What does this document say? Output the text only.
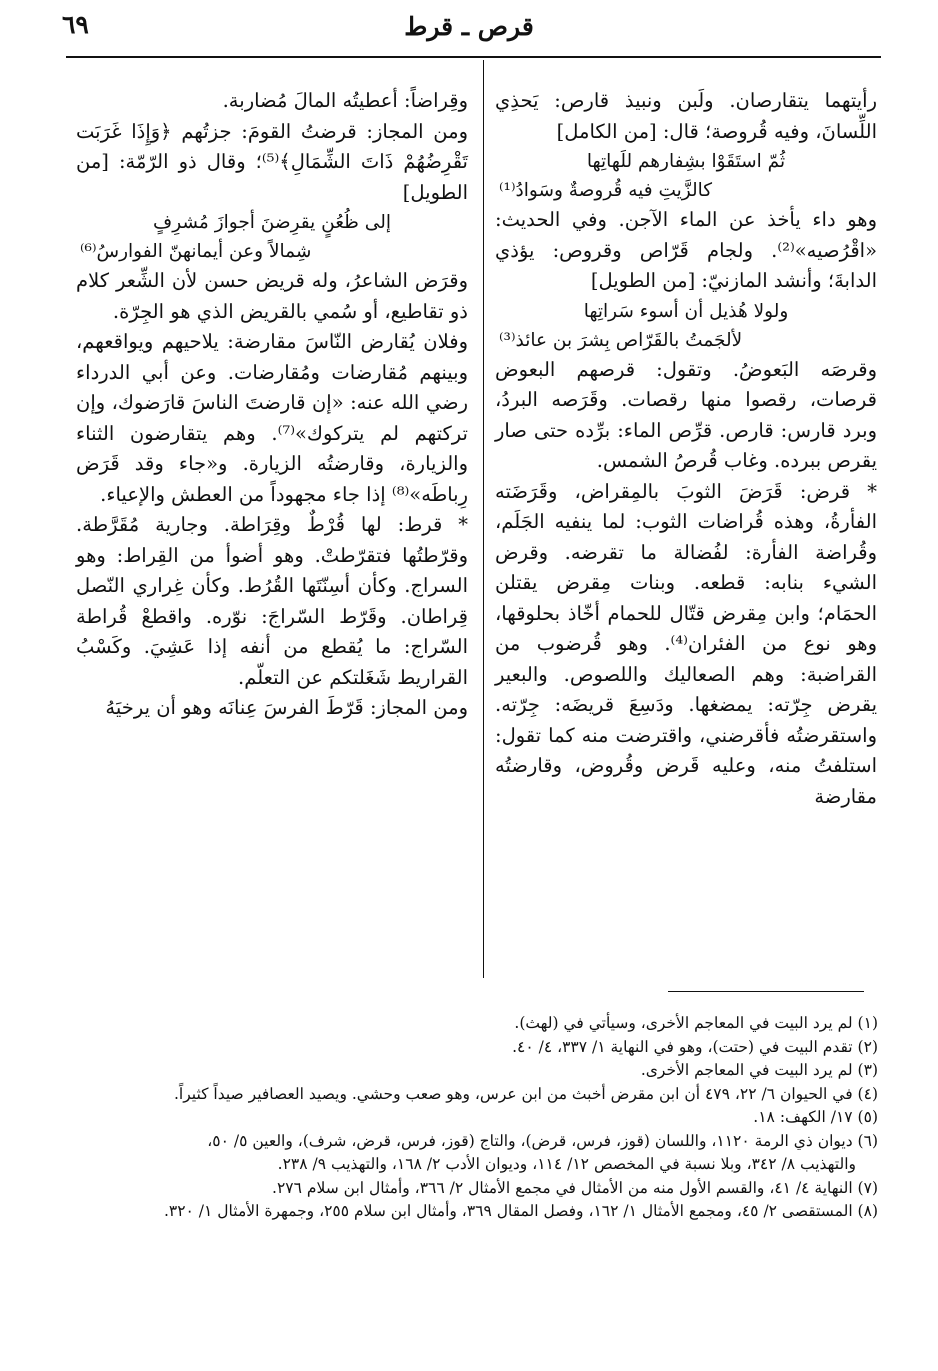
قرص ـ قرط
٦٩

رأيتهما يتقارصان. ولَبن ونبيذ قارص: يَحذِي اللِّسانَ، وفيه قُروصة؛ قال: [من الكامل]

ثُمّ استَقَوْا بشِفارهم للَهاتِها

كالزَّيتِ فيه قُروصةٌ وسَوادُ⁽¹⁾

وهو داء يأخذ عن الماء الآجن. وفي الحديث: «اقْرُصيه»⁽²⁾. ولجام قَرّاص وقروص: يؤذي الدابةَ؛ وأنشد المازنيّ: [من الطويل]

ولولا هُذيل أن أسوء سَراتِها

لألجَمتُ بالقَرّاص بِشرَ بن عائذ⁽³⁾

وقرصَه البَعوضُ. وتقول: قرصهم البعوض قرصات، رقصوا منها رقصات. وقَرَصه البردُ، وبرد قارس: قارص. قرِّص الماء: برِّده حتى صار يقرص ببرده. وغاب قُرصُ الشمس.

* قرض: قَرَضَ الثوبَ بالمِقراض، وقَرَضَته الفأرةُ، وهذه قُراضات الثوب: لما ينفيه الجَلَم، وقُراضة الفأرة: لفُضالة ما تقرضه. وقرض الشيء بنابه: قطعه. وبنات مِقرض يقتلن الحمَام؛ وابن مِقرض قتّال للحمام أخّاذ بحلوقها، وهو نوع من الفئران⁽⁴⁾. وهو قُرضوب من القراضبة: وهم الصعاليك واللصوص. والبعير يقرض جِرّته: يمضغها. ودَسِعَ قريضَه: جِرّته. واستقرضتُه فأقرضني، واقترضت منه كما تقول: استلفتُ منه، وعليه قَرض وقُروض، وقارضتُه مقارضة

وقِراضاً: أعطيتُه المالَ مُضاربة.

ومن المجاز: قرضتُ القومَ: جزتُهم ﴿وَإِذَا غَرَبَت تَقْرِضُهُمْ ذَاتَ الشِّمَالِ﴾⁽⁵⁾؛ وقال ذو الرّمّة: [من الطويل]

إلى ظُعُنٍ يقرِضنَ أجوازَ مُشرِفٍ

شِمالاً وعن أيمانهنّ الفوارسُ⁽⁶⁾

وقرَض الشاعرُ، وله قريض حسن لأن الشِّعر كلام ذو تقاطيع، أو سُمي بالقريض الذي هو الجِرّة.

وفلان يُقارض النّاسَ مقارضة: يلاحيهم ويواقعهم، وبينهم مُقارضات ومُقارضات. وعن أبي الدرداء رضي الله عنه: «إن قارضتَ الناسَ قارَضوك، وإن تركتهم لم يتركوك»⁽⁷⁾. وهم يتقارضون الثناء والزيارة، وقارضتُه الزيارة. و«جاء وقد قَرَض رِباطَه»⁽⁸⁾ إذا جاء مجهوداً من العطش والإعياء.

* قرط: لها قُرْطٌ وقِرَاطة. وجارية مُقَرَّطة. وقرّطتُها فتقرّطتْ. وهو أضوأ من القِراط: وهو السراج. وكأن أسِنّتَها القُرُط. وكأن غِراري النّصل قِراطان. وقَرّط السّراجَ: نوّره. واقطعْ قُراطة السّراج: ما يُقطع من أنفه إذا عَشِيَ. وكَسْبُ القراريط شَغَلتكم عن التعلّم.

ومن المجاز: قَرّطَ الفرسَ عِنانَه وهو أن يرخيَهُ

(١) لم يرد البيت في المعاجم الأخرى، وسيأتي في (لهث).

(٢) تقدم البيت في (حتت)، وهو في النهاية ١/ ٣٣٧، ٤/ ٤٠.

(٣) لم يرد البيت في المعاجم الأخرى.

(٤) في الحيوان ٦/ ٢٢، ٤٧٩ أن ابن مقرض أخبث من ابن عرس، وهو صعب وحشي. ويصيد العصافير صيداً كثيراً.

(٥) ١٧/ الكهف: ١٨.

(٦) ديوان ذي الرمة ١١٢٠، واللسان (قوز، فرس، قرض)، والتاج (قوز، فرس، قرض، شرف)، والعين ٥/ ٥٠،

والتهذيب ٨/ ٣٤٢، وبلا نسبة في المخصص ١٢/ ١١٤، وديوان الأدب ٢/ ١٦٨، والتهذيب ٩/ ٢٣٨.

(٧) النهاية ٤/ ٤١، والقسم الأول منه من الأمثال في مجمع الأمثال ٢/ ٣٦٦، وأمثال ابن سلام ٢٧٦.

(٨) المستقصى ٢/ ٤٥، ومجمع الأمثال ١/ ١٦٢، وفصل المقال ٣٦٩، وأمثال ابن سلام ٢٥٥، وجمهرة الأمثال ١/ ٣٢٠.
